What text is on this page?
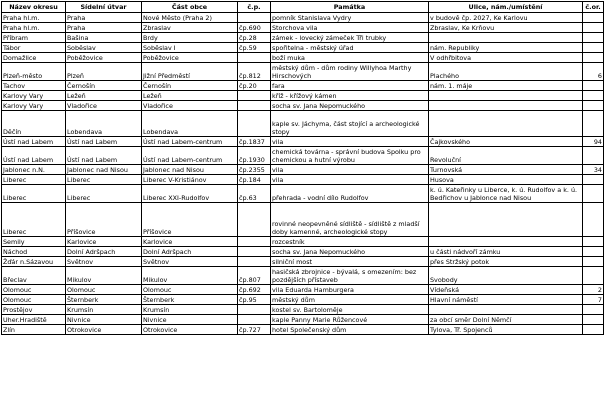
Název okresu	Sídelní útvar	Část obce	č.p.	Památka	Ulice, nám./umístění	č.or.
Praha hl.m.	Praha	Nové Město (Praha 2)		pomník Stanislava Vydry	v budově čp. 2027, Ke Karlovu	
Praha hl.m.	Praha	Zbraslav	čp.690	Storchova vila	Zbraslav, Ke Krňovu	
Příbram	Bašina	Brdy	čp.28	zámek - lovecký zámeček Tři trubky		
Tábor	Soběslav	Soběslav I	čp.59	spořitelna - městský úřad	nám. Republiky	
Domažlice	Poběžovice	Poběžovice		boží muka	V odhřbitova	
Plzeň-město	Plzeň	Jižní Předměstí	čp.812	městský dům - dům rodiny Willyhoa Marthy Hirschových	Plachého	6
Tachov	Černošín	Černošín	čp.20	fara	nám. 1. máje	
Karlovy Vary	Ležeň	Ležeň		kříž - křížový kámen		
Karlovy Vary	Vladořice	Vladořice		socha sv. Jana Nepomuckého		
Děčín	Lobendava	Lobendava		kaple sv. Jáchyma, část stojící a archeologické stopy		
Ústí nad Labem	Ústí nad Labem	Ústí nad Labem-centrum	čp.1837	vila	Čajkovského	94
Ústí nad Labem	Ústí nad Labem	Ústí nad Labem-centrum	čp.1930	chemická továrna - správní budova Spolku pro chemickou a hutní výrobu	Revoluční	
Jablonec n.N.	Jablonec nad Nisou	Jablonec nad Nisou	čp.2355	vila	Turnovská	34
Liberec	Liberec	Liberec V-Kristiánov	čp.184	vila	Husova	
Liberec	Liberec	Liberec XXI-Rudolfov	čp.63	přehrada - vodní dílo Rudolfov	k. ú. Kateřinky u Liberce, k. ú. Rudolfov a k. ú. Bedřichov u Jablonce nad Nisou	
Liberec	Příšovice	Příšovice		rovinné neopevněné sídliště - sídliště z mladší doby kamenné, archeologické stopy		
Semily	Karlovice	Karlovice		rozcestník		
Náchod	Dolní Adršpach	Dolní Adršpach		socha sv. Jana Nepomuckého	u části nádvoří zámku	
Žďár n.Sázavou	Světnov	Světnov		silniční most	přes Stržský potok	
Břeclav	Mikulov	Mikulov	čp.807	hasičská zbrojnice - bývalá, s omezením: bez pozdějších přístaveb	Svobody	
Olomouc	Olomouc	Olomouc	čp.692	vila Eduarda Hamburgera	Vídeňská	2
Olomouc	Šternberk	Šternberk	čp.95	městský dům	Hlavní náměstí	7
Prostějov	Krumsín	Krumsín		kostel sv. Bartoloměje		
Uher.Hradiště	Nivnice	Nivnice		kaple Panny Marie Růžencové	za obcí směr Dolní Němčí	
Zlín	Otrokovice	Otrokovice	čp.727	hotel Společenský dům	Tylova, Tř. Spojenců	
